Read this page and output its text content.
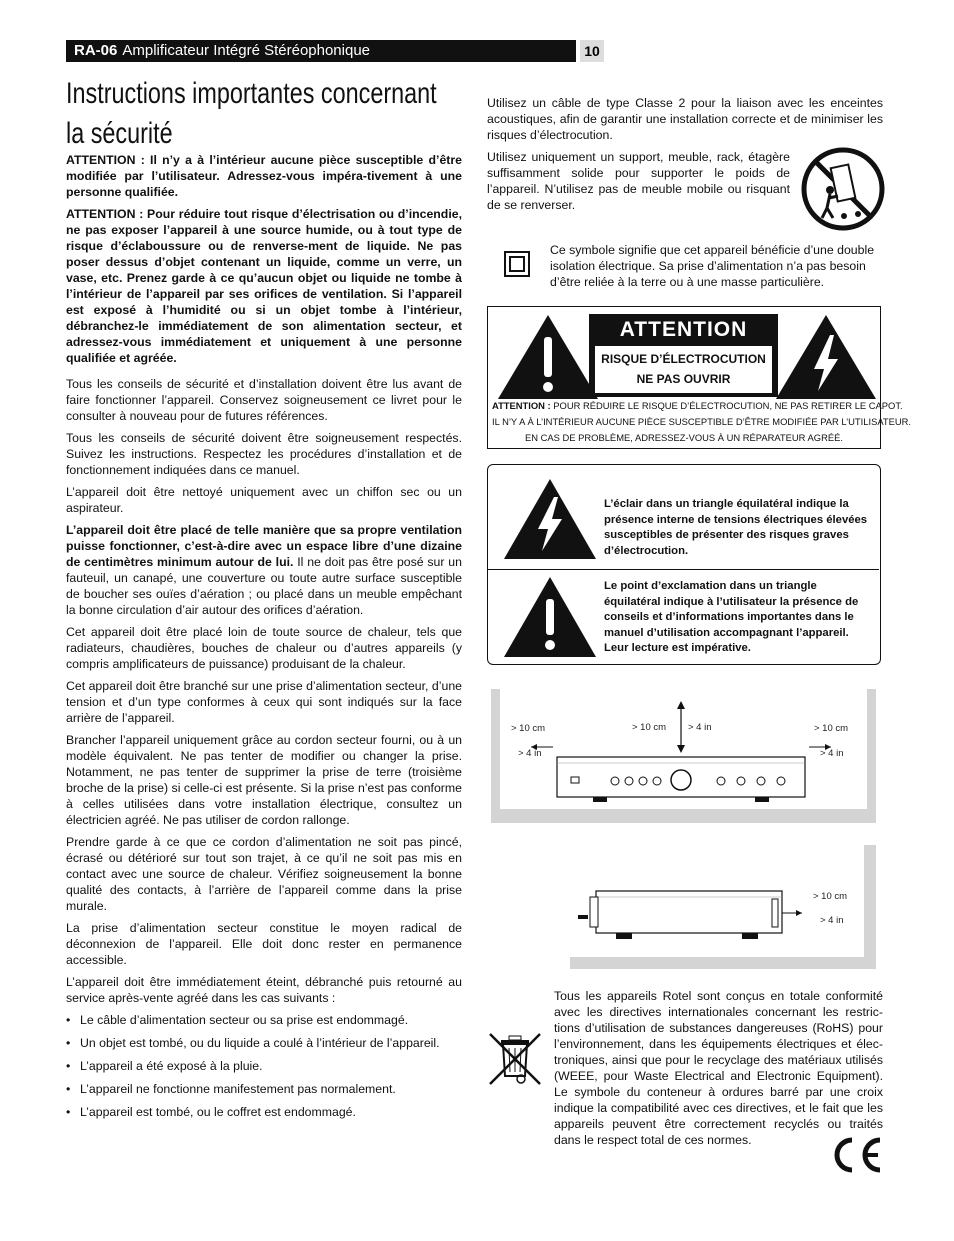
RA-06 Amplificateur Intégré Stéréophonique	10
Instructions importantes concernant
la sécurité

ATTENTION : Il n’y a à l’intérieur aucune pièce susceptible d’être modifiée par l’utilisateur. Adressez-vous impéra-tivement à une personne qualifiée.

ATTENTION : Pour réduire tout risque d’électrisation ou d’incendie, ne pas exposer l’appareil à une source humide, ou à tout type de risque d’éclaboussure ou de renverse-ment de liquide. Ne pas poser dessus d’objet contenant un liquide, comme un verre, un vase, etc. Prenez garde à ce qu’aucun objet ou liquide ne tombe à l’intérieur de l’appareil par ses orifices de ventilation. Si l’appareil est exposé à l’humidité ou si un objet tombe à l’intérieur, débranchez-le immédiatement de son alimentation secteur, et adressez-vous immédiatement et uniquement à une personne qualifiée et agréée.

Tous les conseils de sécurité et d’installation doivent être lus avant de faire fonctionner l’appareil. Conservez soigneusement ce livret pour le consulter à nouveau pour de futures références.

Tous les conseils de sécurité doivent être soigneusement respectés. Suivez les instructions. Respectez les procédures d’installation et de fonctionnement indiquées dans ce manuel.

L’appareil doit être nettoyé uniquement avec un chiffon sec ou un aspirateur.

L’appareil doit être placé de telle manière que sa propre ventilation puisse fonctionner, c’est-à-dire avec un espace libre d’une dizaine de centimètres minimum autour de lui. Il ne doit pas être posé sur un fauteuil, un canapé, une couverture ou toute autre surface susceptible de boucher ses ouïes d’aération ; ou placé dans un meuble empêchant la bonne circulation d’air autour des orifices d’aération.

Cet appareil doit être placé loin de toute source de chaleur, tels que radiateurs, chaudières, bouches de chaleur ou d’autres appareils (y compris amplificateurs de puissance) produisant de la chaleur.

Cet appareil doit être branché sur une prise d’alimentation secteur, d’une tension et d’un type conformes à ceux qui sont indiqués sur la face arrière de l’appareil.

Brancher l’appareil uniquement grâce au cordon secteur fourni, ou à un modèle équivalent. Ne pas tenter de modifier ou changer la prise. Notamment, ne pas tenter de supprimer la prise de terre (troisième broche de la prise) si celle-ci est présente. Si la prise n’est pas conforme à celles utilisées dans votre installation électrique, consultez un électricien agréé. Ne pas utiliser de cordon rallonge.

Prendre garde à ce que ce cordon d’alimentation ne soit pas pincé, écrasé ou détérioré sur tout son trajet, à ce qu’il ne soit pas mis en contact avec une source de chaleur. Vérifiez soigneusement la bonne qualité des contacts, à l’arrière de l’appareil comme dans la prise murale.

La prise d’alimentation secteur constitue le moyen radical de déconnexion de l’appareil. Elle doit donc rester en permanence accessible.

L’appareil doit être immédiatement éteint, débranché puis retourné au service après-vente agréé dans les cas suivants :

• Le câble d’alimentation secteur ou sa prise est endommagé.
• Un objet est tombé, ou du liquide a coulé à l’intérieur de l’appareil.
• L’appareil a été exposé à la pluie.
• L’appareil ne fonctionne manifestement pas normalement.
• L’appareil est tombé, ou le coffret est endommagé.
Utilisez un câble de type Classe 2 pour la liaison avec les enceintes acoustiques, afin de garantir une installation correcte et de minimiser les risques d’électrocution.
Utilisez uniquement un support, meuble, rack, étagère suffisamment solide pour supporter le poids de l’appareil. N’utilisez pas de meuble mobile ou risquant de se renverser.
Ce symbole signifie que cet appareil bénéficie d’une double isolation électrique. Sa prise d’alimentation n’a pas besoin d’être reliée à la terre ou à une masse particulière.
ATTENTION
RISQUE D’ÉLECTROCUTION
NE PAS OUVRIR
ATTENTION : POUR RÉDUIRE LE RISQUE D’ÉLECTROCUTION, NE PAS RETIRER LE CAPOT.
IL N’Y A À L’INTÉRIEUR AUCUNE PIÈCE SUSCEPTIBLE D’ÊTRE MODIFIÉE PAR L’UTILISATEUR.
EN CAS DE PROBLÈME, ADRESSEZ-VOUS À UN RÉPARATEUR AGRÉÉ.
L’éclair dans un triangle équilatéral indique la présence interne de tensions électriques élevées susceptibles de présenter des risques graves d’électrocution.
Le point d’exclamation dans un triangle équilatéral indique à l’utilisateur la présence de conseils et d’informations importantes dans le manuel d’utilisation accompagnant l’appareil. Leur lecture est impérative.
> 10 cm
> 4 in
> 10 cm > 4 in	> 10 cm
> 4 in
> 10 cm
> 4 in
Tous les appareils Rotel sont conçus en totale conformité avec les directives internationales concernant les restric-tions d’utilisation de substances dangereuses (RoHS) pour l’environnement, dans les équipements électriques et élec-troniques, ainsi que pour le recyclage des matériaux utilisés (WEEE, pour Waste Electrical and Electronic Equipment). Le symbole du conteneur à ordures barré par une croix indique la compatibilité avec ces directives, et le fait que les appareils peuvent être correctement recyclés ou traités dans le respect total de ces normes.
